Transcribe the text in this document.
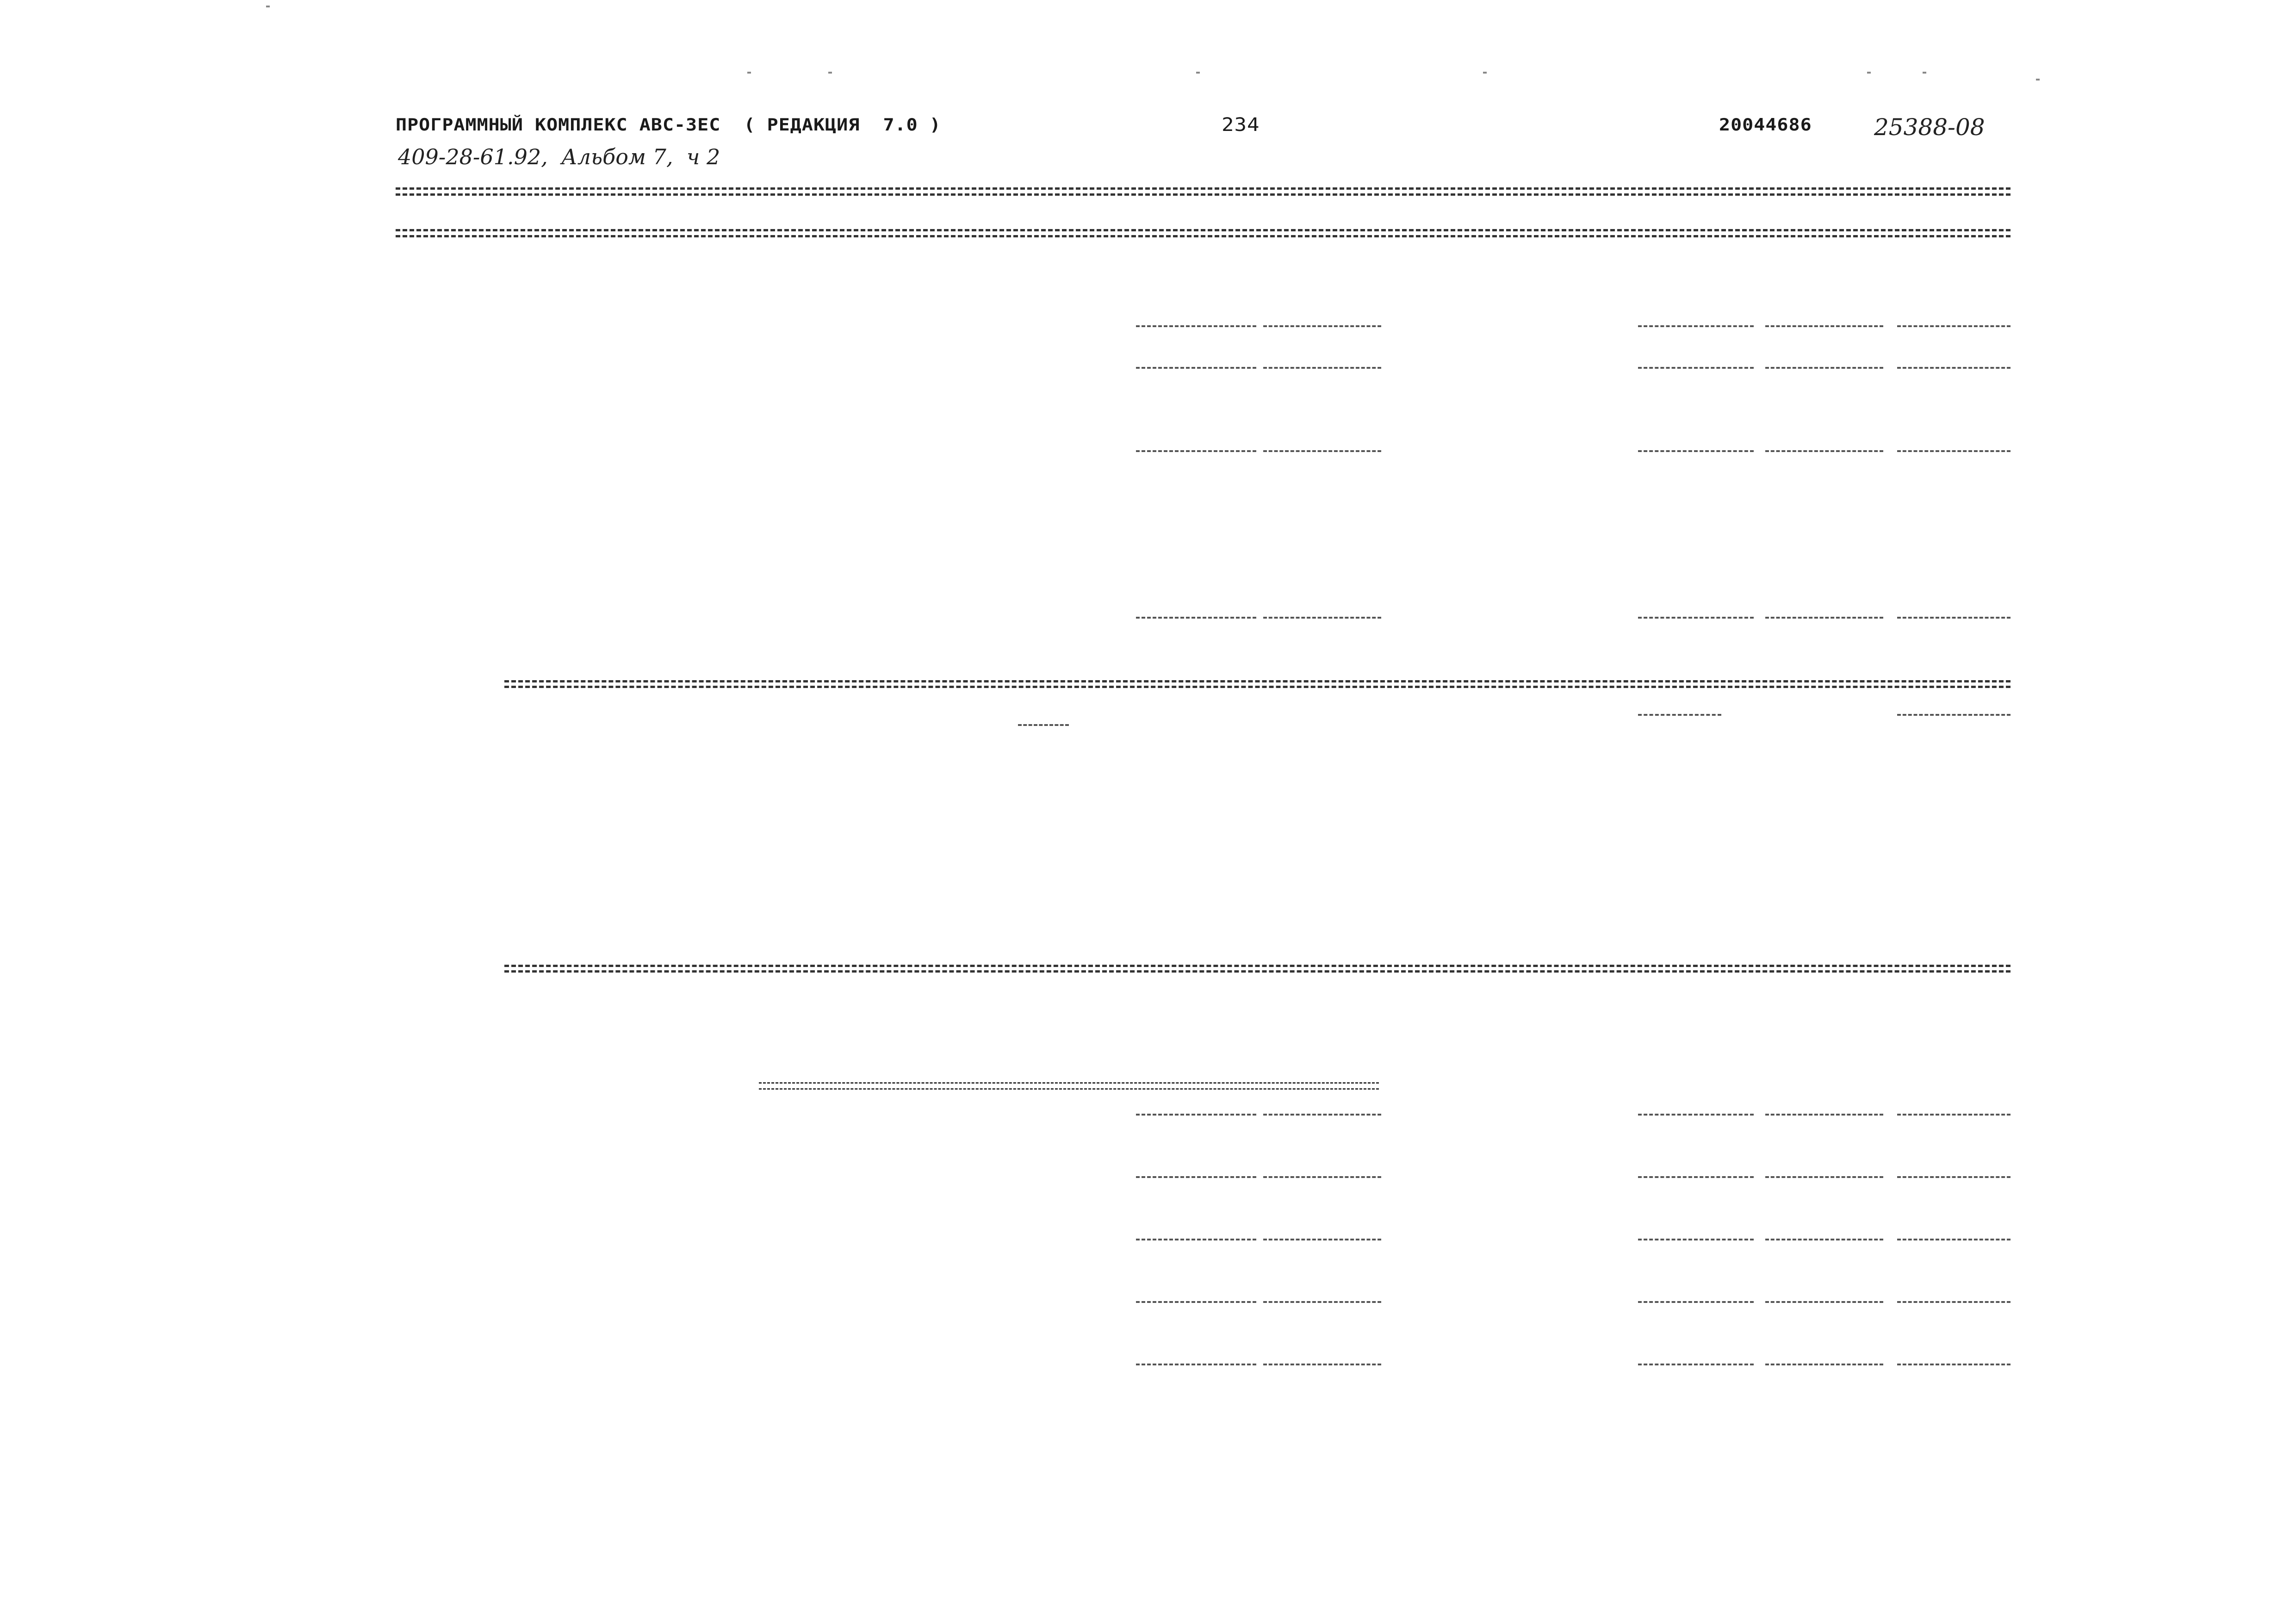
ПРОГРАММНЫЙ КОМПЛЕКС АВС-3ЕС  ( РЕДАКЦИЯ  7.0 )	234	20044686	25388-08
409-28-61.92,  Альбом 7,  ч 2
